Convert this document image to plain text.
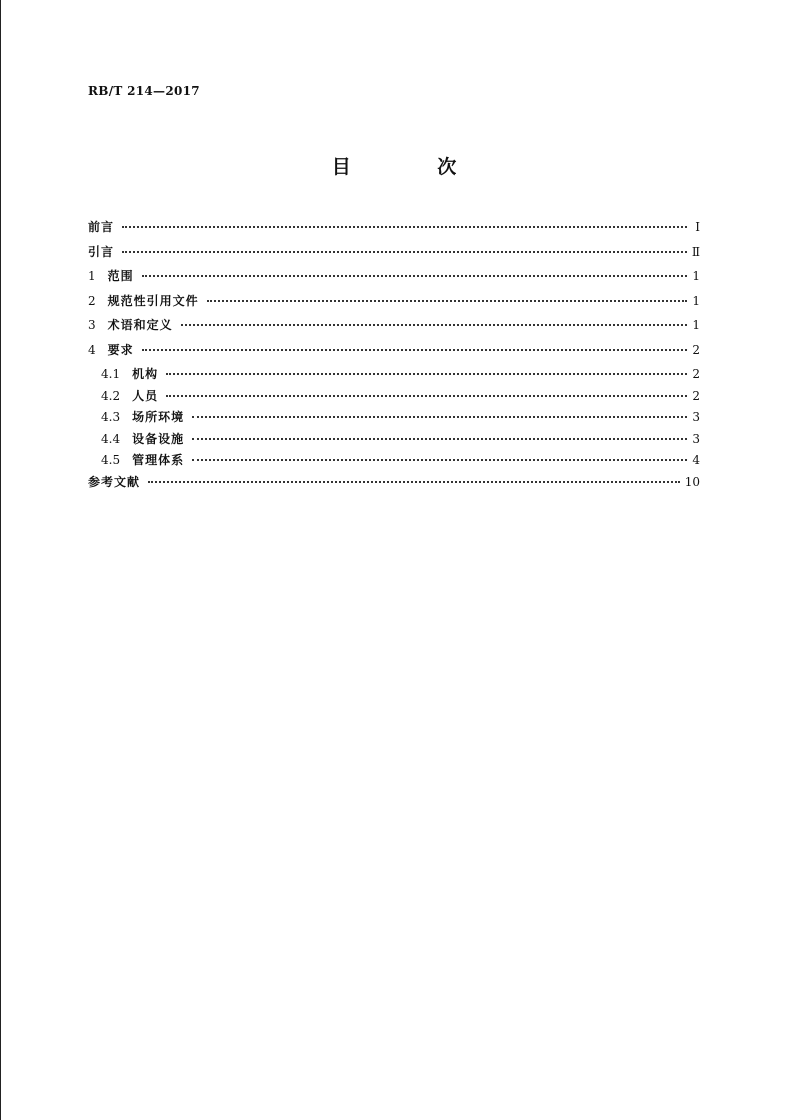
RB/T 214—2017
目 次
前言	Ⅰ
引言	Ⅱ
1 范围	1
2 规范性引用文件	1
3 术语和定义	1
4 要求	2
4.1 机构	2
4.2 人员	2
4.3 场所环境	3
4.4 设备设施	3
4.5 管理体系	4
参考文献	10
